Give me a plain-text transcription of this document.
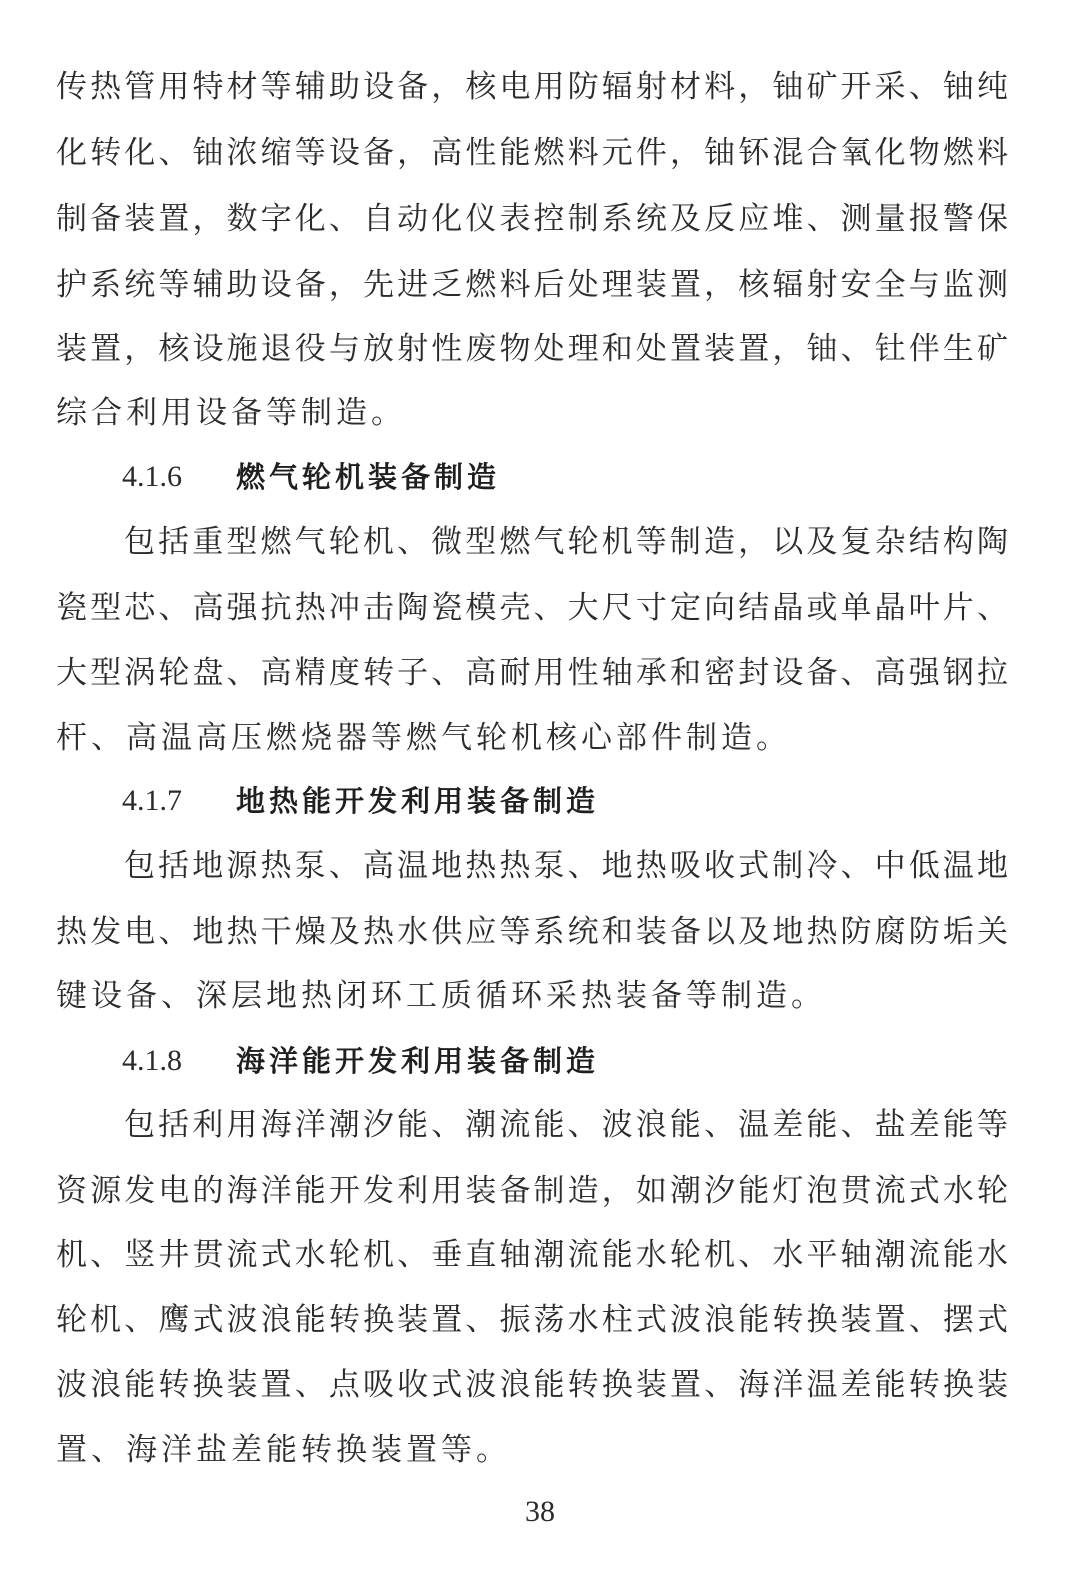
传热管用特材等辅助设备，核电用防辐射材料，铀矿开采、铀纯
化转化、铀浓缩等设备，高性能燃料元件，铀钚混合氧化物燃料
制备装置，数字化、自动化仪表控制系统及反应堆、测量报警保
护系统等辅助设备，先进乏燃料后处理装置，核辐射安全与监测
装置，核设施退役与放射性废物处理和处置装置，铀、钍伴生矿
综合利用设备等制造。
4.1.6 燃气轮机装备制造
包括重型燃气轮机、微型燃气轮机等制造，以及复杂结构陶
瓷型芯、高强抗热冲击陶瓷模壳、大尺寸定向结晶或单晶叶片、
大型涡轮盘、高精度转子、高耐用性轴承和密封设备、高强钢拉
杆、高温高压燃烧器等燃气轮机核心部件制造。
4.1.7 地热能开发利用装备制造
包括地源热泵、高温地热热泵、地热吸收式制冷、中低温地
热发电、地热干燥及热水供应等系统和装备以及地热防腐防垢关
键设备、深层地热闭环工质循环采热装备等制造。
4.1.8 海洋能开发利用装备制造
包括利用海洋潮汐能、潮流能、波浪能、温差能、盐差能等
资源发电的海洋能开发利用装备制造，如潮汐能灯泡贯流式水轮
机、竖井贯流式水轮机、垂直轴潮流能水轮机、水平轴潮流能水
轮机、鹰式波浪能转换装置、振荡水柱式波浪能转换装置、摆式
波浪能转换装置、点吸收式波浪能转换装置、海洋温差能转换装
置、海洋盐差能转换装置等。
38
